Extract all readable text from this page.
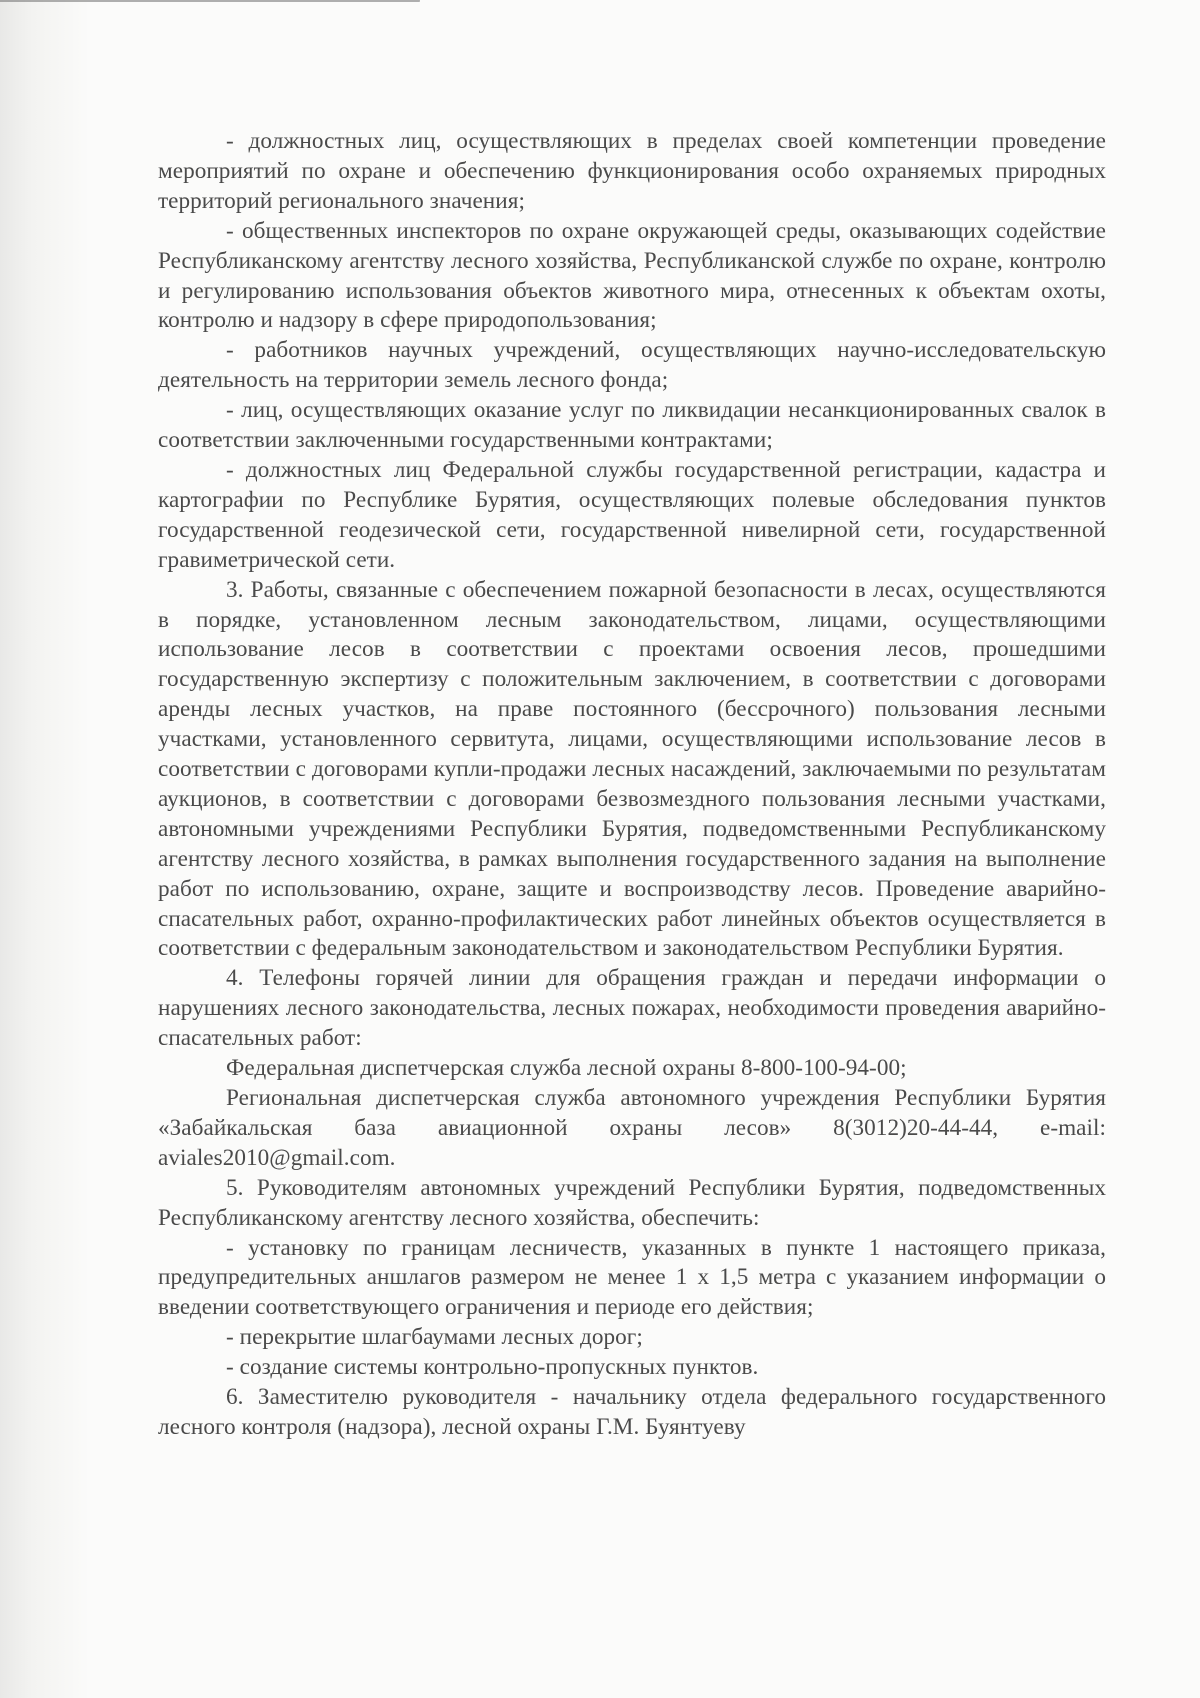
- должностных лиц, осуществляющих в пределах своей компетенции проведение мероприятий по охране и обеспечению функционирования особо охраняемых природных территорий регионального значения;

- общественных инспекторов по охране окружающей среды, оказывающих содействие Республиканскому агентству лесного хозяйства, Республиканской службе по охране, контролю и регулированию использования объектов животного мира, отнесенных к объектам охоты, контролю и надзору в сфере природопользования;

- работников научных учреждений, осуществляющих научно-исследовательскую деятельность на территории земель лесного фонда;

- лиц, осуществляющих оказание услуг по ликвидации несанкционированных свалок в соответствии заключенными государственными контрактами;

- должностных лиц Федеральной службы государственной регистрации, кадастра и картографии по Республике Бурятия, осуществляющих полевые обследования пунктов государственной геодезической сети, государственной нивелирной сети, государственной гравиметрической сети.

3. Работы, связанные с обеспечением пожарной безопасности в лесах, осуществляются в порядке, установленном лесным законодательством, лицами, осуществляющими использование лесов в соответствии с проектами освоения лесов, прошедшими государственную экспертизу с положительным заключением, в соответствии с договорами аренды лесных участков, на праве постоянного (бессрочного) пользования лесными участками, установленного сервитута, лицами, осуществляющими использование лесов в соответствии с договорами купли-продажи лесных насаждений, заключаемыми по результатам аукционов, в соответствии с договорами безвозмездного пользования лесными участками, автономными учреждениями Республики Бурятия, подведомственными Республиканскому агентству лесного хозяйства, в рамках выполнения государственного задания на выполнение работ по использованию, охране, защите и воспроизводству лесов. Проведение аварийно-спасательных работ, охранно-профилактических работ линейных объектов осуществляется в соответствии с федеральным законодательством и законодательством Республики Бурятия.

4. Телефоны горячей линии для обращения граждан и передачи информации о нарушениях лесного законодательства, лесных пожарах, необходимости проведения аварийно-спасательных работ:

Федеральная диспетчерская служба лесной охраны 8-800-100-94-00;

Региональная диспетчерская служба автономного учреждения Республики Бурятия «Забайкальская база авиационной охраны лесов» 8(3012)20-44-44, e-mail: aviales2010@gmail.com.

5. Руководителям автономных учреждений Республики Бурятия, подведомственных Республиканскому агентству лесного хозяйства, обеспечить:

- установку по границам лесничеств, указанных в пункте 1 настоящего приказа, предупредительных аншлагов размером не менее 1 х 1,5 метра с указанием информации о введении соответствующего ограничения и периоде его действия;

- перекрытие шлагбаумами лесных дорог;

- создание системы контрольно-пропускных пунктов.

6. Заместителю руководителя - начальнику отдела федерального государственного лесного контроля (надзора), лесной охраны Г.М. Буянтуеву
